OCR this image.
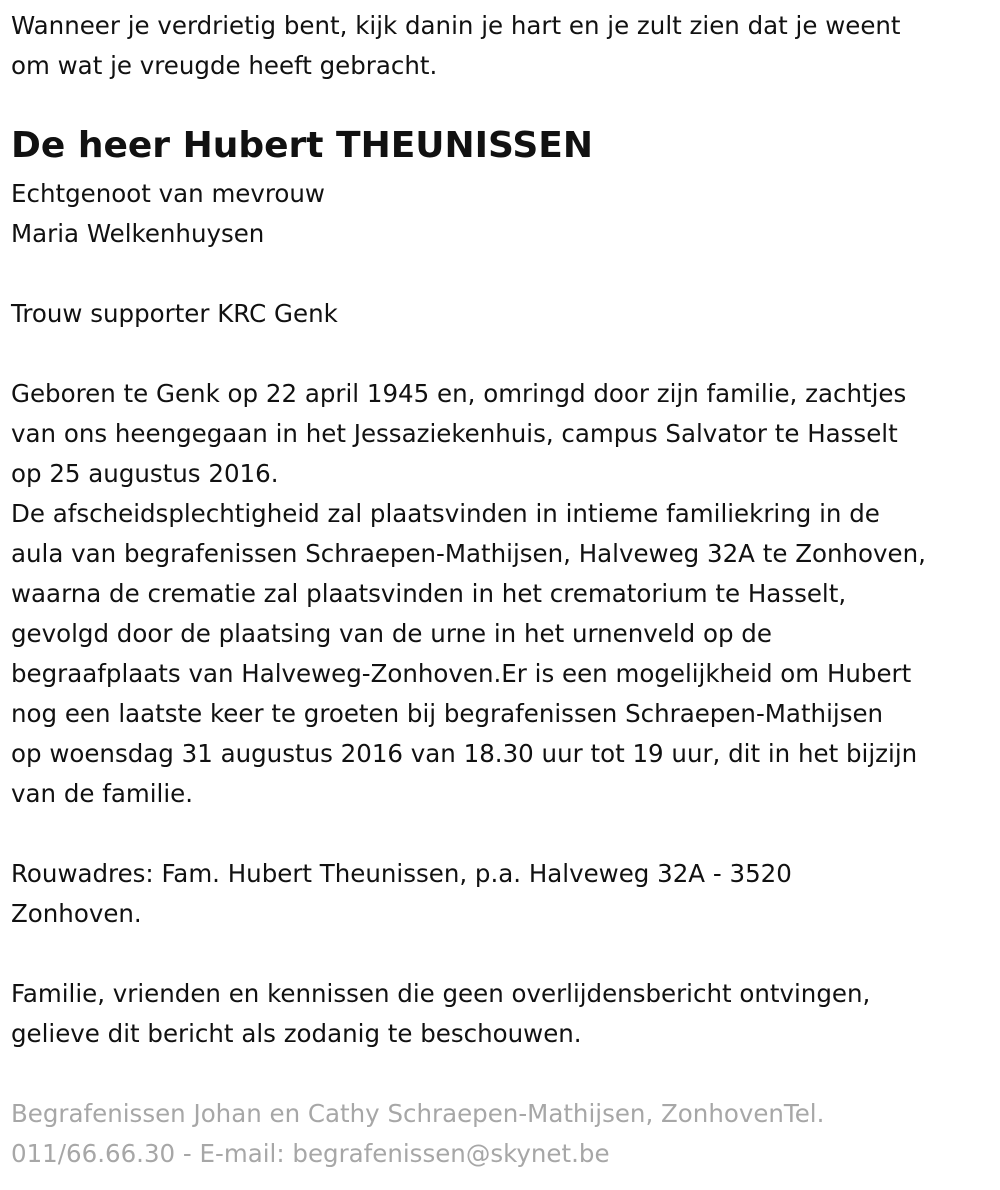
Wanneer je verdrietig bent, kijk danin je hart en je zult zien dat je weent

om wat je vreugde heeft gebracht.

De heer Hubert THEUNISSEN

Echtgenoot van mevrouw

Maria Welkenhuysen

Trouw supporter KRC Genk

Geboren te Genk op 22 april 1945 en, omringd door zijn familie, zachtjes

van ons heengegaan in het Jessaziekenhuis, campus Salvator te Hasselt

op 25 augustus 2016.

De afscheidsplechtigheid zal plaatsvinden in intieme familiekring in de

aula van begrafenissen Schraepen-Mathijsen, Halveweg 32A te Zonhoven,

waarna de crematie zal plaatsvinden in het crematorium te Hasselt,

gevolgd door de plaatsing van de urne in het urnenveld op de

begraafplaats van Halveweg-Zonhoven.Er is een mogelijkheid om Hubert

nog een laatste keer te groeten bij begrafenissen Schraepen-Mathijsen

op woensdag 31 augustus 2016 van 18.30 uur tot 19 uur, dit in het bijzijn

van de familie.

Rouwadres: Fam. Hubert Theunissen, p.a. Halveweg 32A - 3520

Zonhoven.

Familie, vrienden en kennissen die geen overlijdensbericht ontvingen,

gelieve dit bericht als zodanig te beschouwen.

Begrafenissen Johan en Cathy Schraepen-Mathijsen, ZonhovenTel.

011/66.66.30 - E-mail: begrafenissen@skynet.be
